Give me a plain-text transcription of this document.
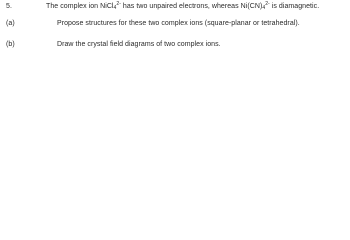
5.	The complex ion NiCl$_4^{2-}$ has two unpaired electrons, whereas $Ni(CN)_4^{2-}$ is diamagnetic.
(a)	Propose structures for these two complex ions (square-planar or tetrahedral).
(b)	Draw the crystal field diagrams of two complex ions.
